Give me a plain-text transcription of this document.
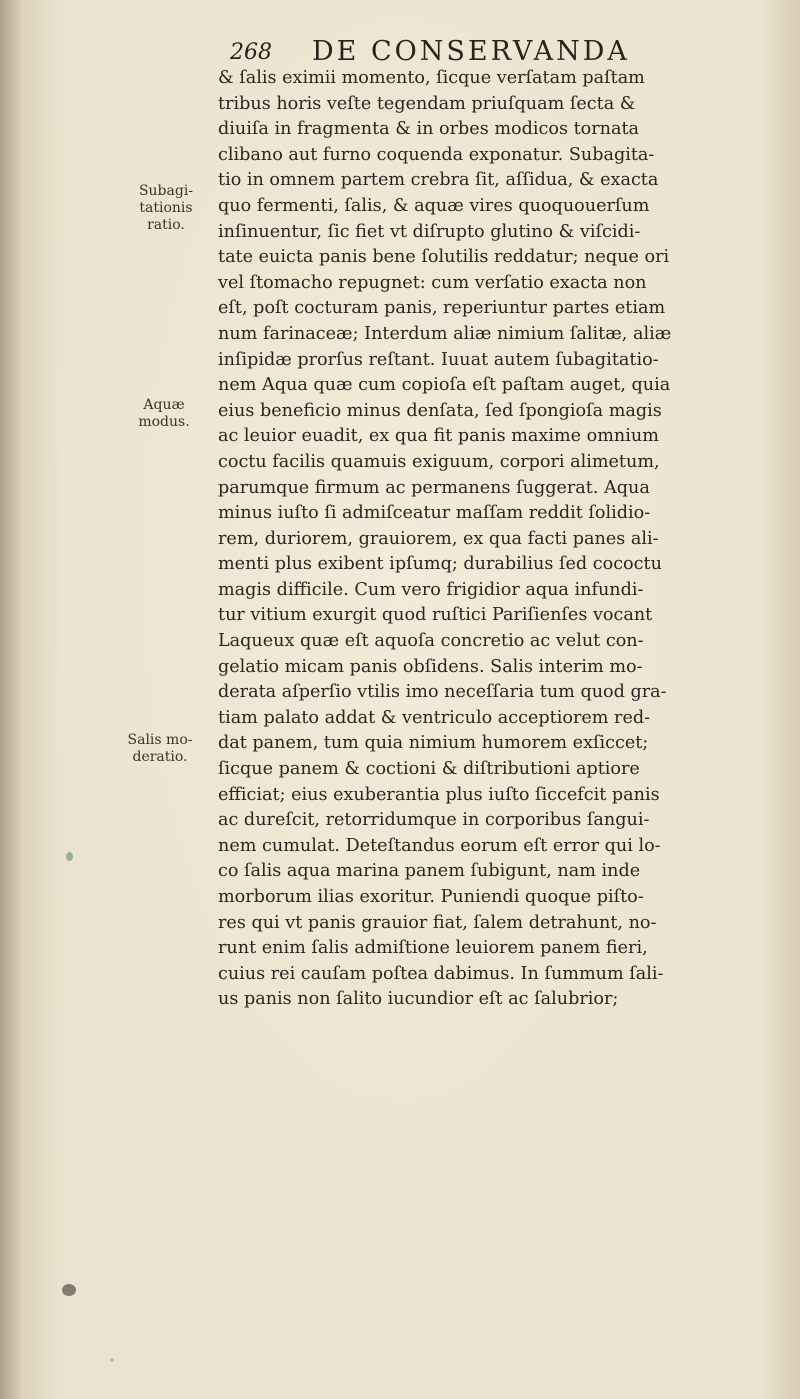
268 DE CONSERVANDA
Subagi-
tationis
ratio.
Aquæ
modus.
Salis mo-
deratio.
& ſalis eximii momento, ſicque verſatam paſtam
tribus horis veſte tegendam priuſquam ſecta &
diuiſa in fragmenta & in orbes modicos tornata
clibano aut furno coquenda exponatur. Subagita-
tio in omnem partem crebra ſit, aſſidua, & exacta
quo fermenti, ſalis, & aquæ vires quoquouerſum
inſinuentur, ſic fiet vt diſrupto glutino & viſcidi-
tate euicta panis bene ſolutilis reddatur; neque ori
vel ſtomacho repugnet: cum verſatio exacta non
eſt, poſt cocturam panis, reperiuntur partes etiam
num farinaceæ; Interdum aliæ nimium ſalitæ, aliæ
inſipidæ prorſus reſtant. Iuuat autem ſubagitatio-
nem Aqua quæ cum copioſa eſt paſtam auget, quia
eius beneficio minus denſata, ſed ſpongioſa magis
ac leuior euadit, ex qua fit panis maxime omnium
coctu facilis quamuis exiguum, corpori alimetum,
parumque firmum ac permanens ſuggerat. Aqua
minus iuſto ſi admiſceatur maſſam reddit ſolidio-
rem, duriorem, grauiorem, ex qua facti panes ali-
menti plus exibent ipſumq; durabilius ſed cococtu
magis difficile. Cum vero frigidior aqua infundi-
tur vitium exurgit quod ruſtici Pariſienſes vocant
Laqueux quæ eſt aquoſa concretio ac velut con-
gelatio micam panis obſidens. Salis interim mo-
derata aſperſio vtilis imo neceſſaria tum quod gra-
tiam palato addat & ventriculo acceptiorem red-
dat panem, tum quia nimium humorem exſiccet;
ſicque panem & coctioni & diſtributioni aptiore
efficiat; eius exuberantia plus iuſto ſiccefcit panis
ac dureſcit, retorridumque in corporibus ſangui-
nem cumulat. Deteſtandus eorum eſt error qui lo-
co ſalis aqua marina panem ſubigunt, nam inde
morborum ilias exoritur. Puniendi quoque piſto-
res qui vt panis grauior fiat, ſalem detrahunt, no-
runt enim ſalis admiſtione leuiorem panem fieri,
cuius rei cauſam poſtea dabimus. In ſummum ſali-
us panis non ſalito iucundior eſt ac ſalubrior;
